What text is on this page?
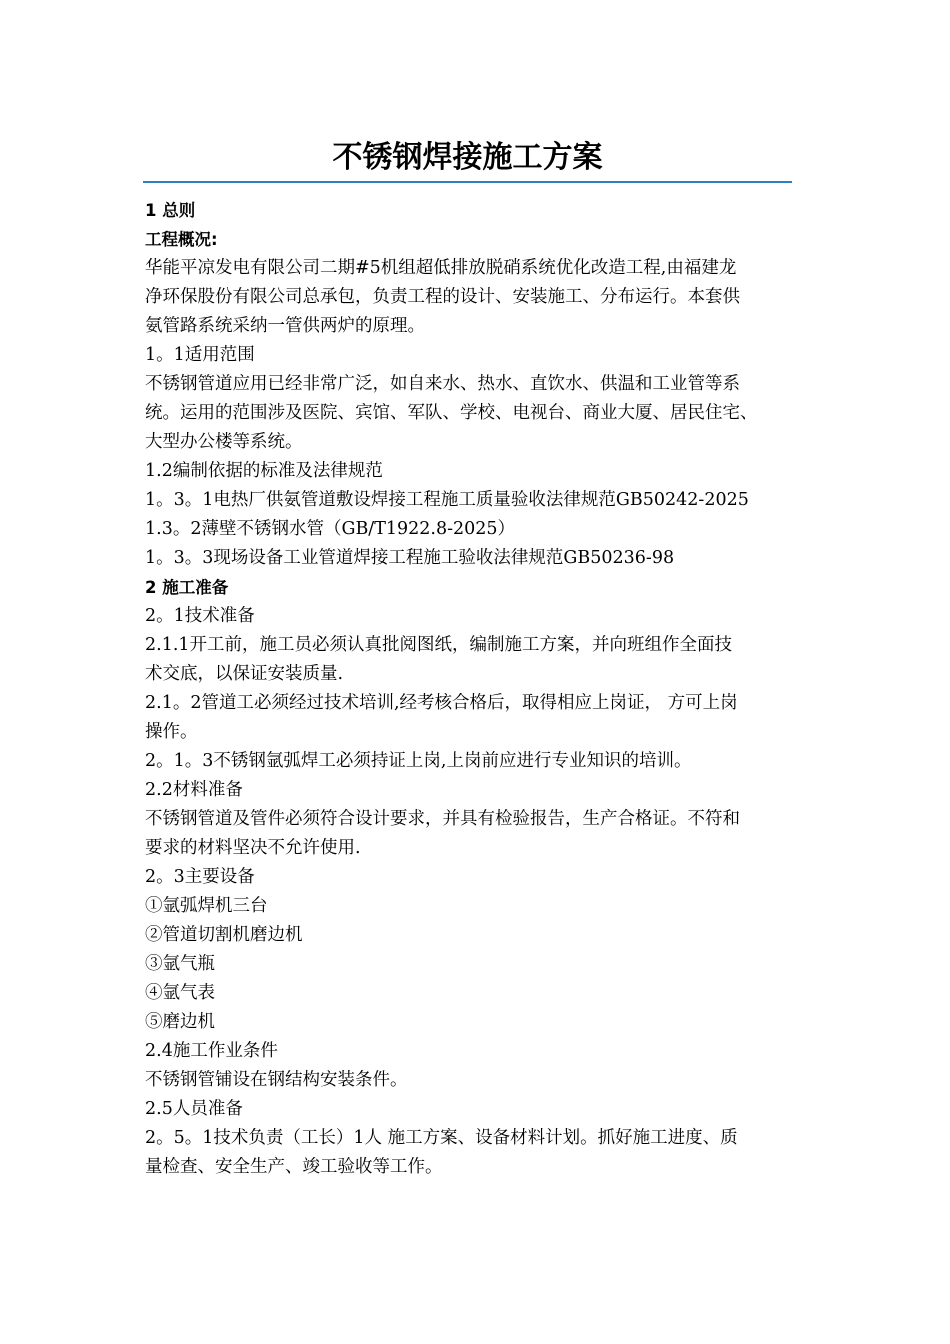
不锈钢焊接施工方案
1 总则
工程概况:
华能平凉发电有限公司二期#5机组超低排放脱硝系统优化改造工程,由福建龙
净环保股份有限公司总承包，负责工程的设计、安装施工、分布运行。本套供
氨管路系统采纳一管供两炉的原理。
1。1适用范围
不锈钢管道应用已经非常广泛，如自来水、热水、直饮水、供温和工业管等系
统。运用的范围涉及医院、宾馆、军队、学校、电视台、商业大厦、居民住宅、
大型办公楼等系统。
1.2编制依据的标准及法律规范
1。3。1电热厂供氨管道敷设焊接工程施工质量验收法律规范GB50242-2025
1.3。2薄壁不锈钢水管（GB/T1922.8-2025）
1。3。3现场设备工业管道焊接工程施工验收法律规范GB50236-98
2 施工准备
2。1技术准备
2.1.1开工前，施工员必须认真批阅图纸，编制施工方案，并向班组作全面技
术交底，以保证安装质量.
2.1。2管道工必须经过技术培训,经考核合格后，取得相应上岗证， 方可上岗
操作。
2。1。3不锈钢氩弧焊工必须持证上岗,上岗前应进行专业知识的培训。
2.2材料准备
不锈钢管道及管件必须符合设计要求，并具有检验报告，生产合格证。不符和
要求的材料坚决不允许使用.
2。3主要设备
①氩弧焊机三台
②管道切割机磨边机
③氩气瓶
④氩气表
⑤磨边机
2.4施工作业条件
不锈钢管铺设在钢结构安装条件。
2.5人员准备
2。5。1技术负责（工长）1人 施工方案、设备材料计划。抓好施工进度、质
量检查、安全生产、竣工验收等工作。
